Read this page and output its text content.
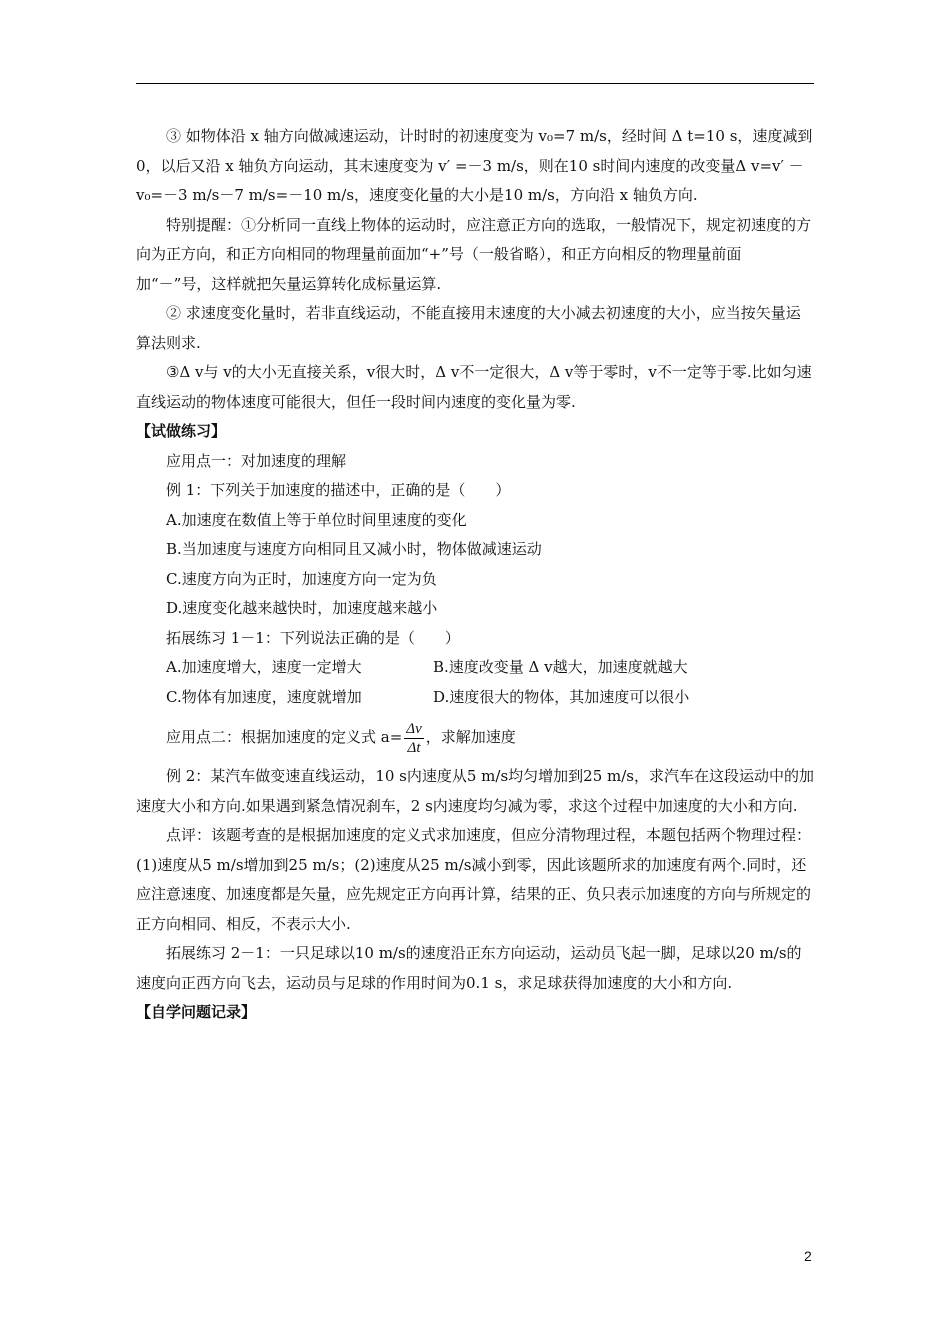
③ 如物体沿 x 轴方向做减速运动，计时时的初速度变为 v₀=7 m/s，经时间 Δ t=10 s，速度减到0，以后又沿 x 轴负方向运动，其末速度变为 v′ =－3 m/s，则在10 s时间内速度的改变量Δ v=v′ －v₀=－3 m/s－7 m/s=－10 m/s，速度变化量的大小是10 m/s，方向沿 x 轴负方向.

特别提醒：①分析同一直线上物体的运动时，应注意正方向的选取，一般情况下，规定初速度的方向为正方向，和正方向相同的物理量前面加“+”号（一般省略），和正方向相反的物理量前面加“－”号，这样就把矢量运算转化成标量运算.

② 求速度变化量时，若非直线运动，不能直接用末速度的大小减去初速度的大小，应当按矢量运算法则求.

③Δ v与 v的大小无直接关系，v很大时，Δ v不一定很大，Δ v等于零时，v不一定等于零.比如匀速直线运动的物体速度可能很大，但任一段时间内速度的变化量为零.

【试做练习】

应用点一：对加速度的理解

例 1：下列关于加速度的描述中，正确的是（　　）

A.加速度在数值上等于单位时间里速度的变化

B.当加速度与速度方向相同且又减小时，物体做减速运动

C.速度方向为正时，加速度方向一定为负

D.速度变化越来越快时，加速度越来越小

拓展练习 1－1：下列说法正确的是（　　）

A.加速度增大，速度一定增大	B.速度改变量 Δ v越大，加速度就越大
C.物体有加速度，速度就增加	D.速度很大的物体，其加速度可以很小
应用点二：根据加速度的定义式 $a= \frac{\Delta v}{\Delta t}$ ，求解加速度

例 2：某汽车做变速直线运动，10 s内速度从5 m/s均匀增加到25 m/s，求汽车在这段运动中的加速度大小和方向.如果遇到紧急情况刹车，2 s内速度均匀减为零，求这个过程中加速度的大小和方向.

点评：该题考查的是根据加速度的定义式求加速度，但应分清物理过程，本题包括两个物理过程：(1)速度从5 m/s增加到25 m/s；(2)速度从25 m/s减小到零，因此该题所求的加速度有两个.同时，还应注意速度、加速度都是矢量，应先规定正方向再计算，结果的正、负只表示加速度的方向与所规定的正方向相同、相反，不表示大小.

拓展练习 2－1：一只足球以10 m/s的速度沿正东方向运动，运动员飞起一脚，足球以20 m/s的速度向正西方向飞去，运动员与足球的作用时间为0.1 s，求足球获得加速度的大小和方向.

【自学问题记录】

2
